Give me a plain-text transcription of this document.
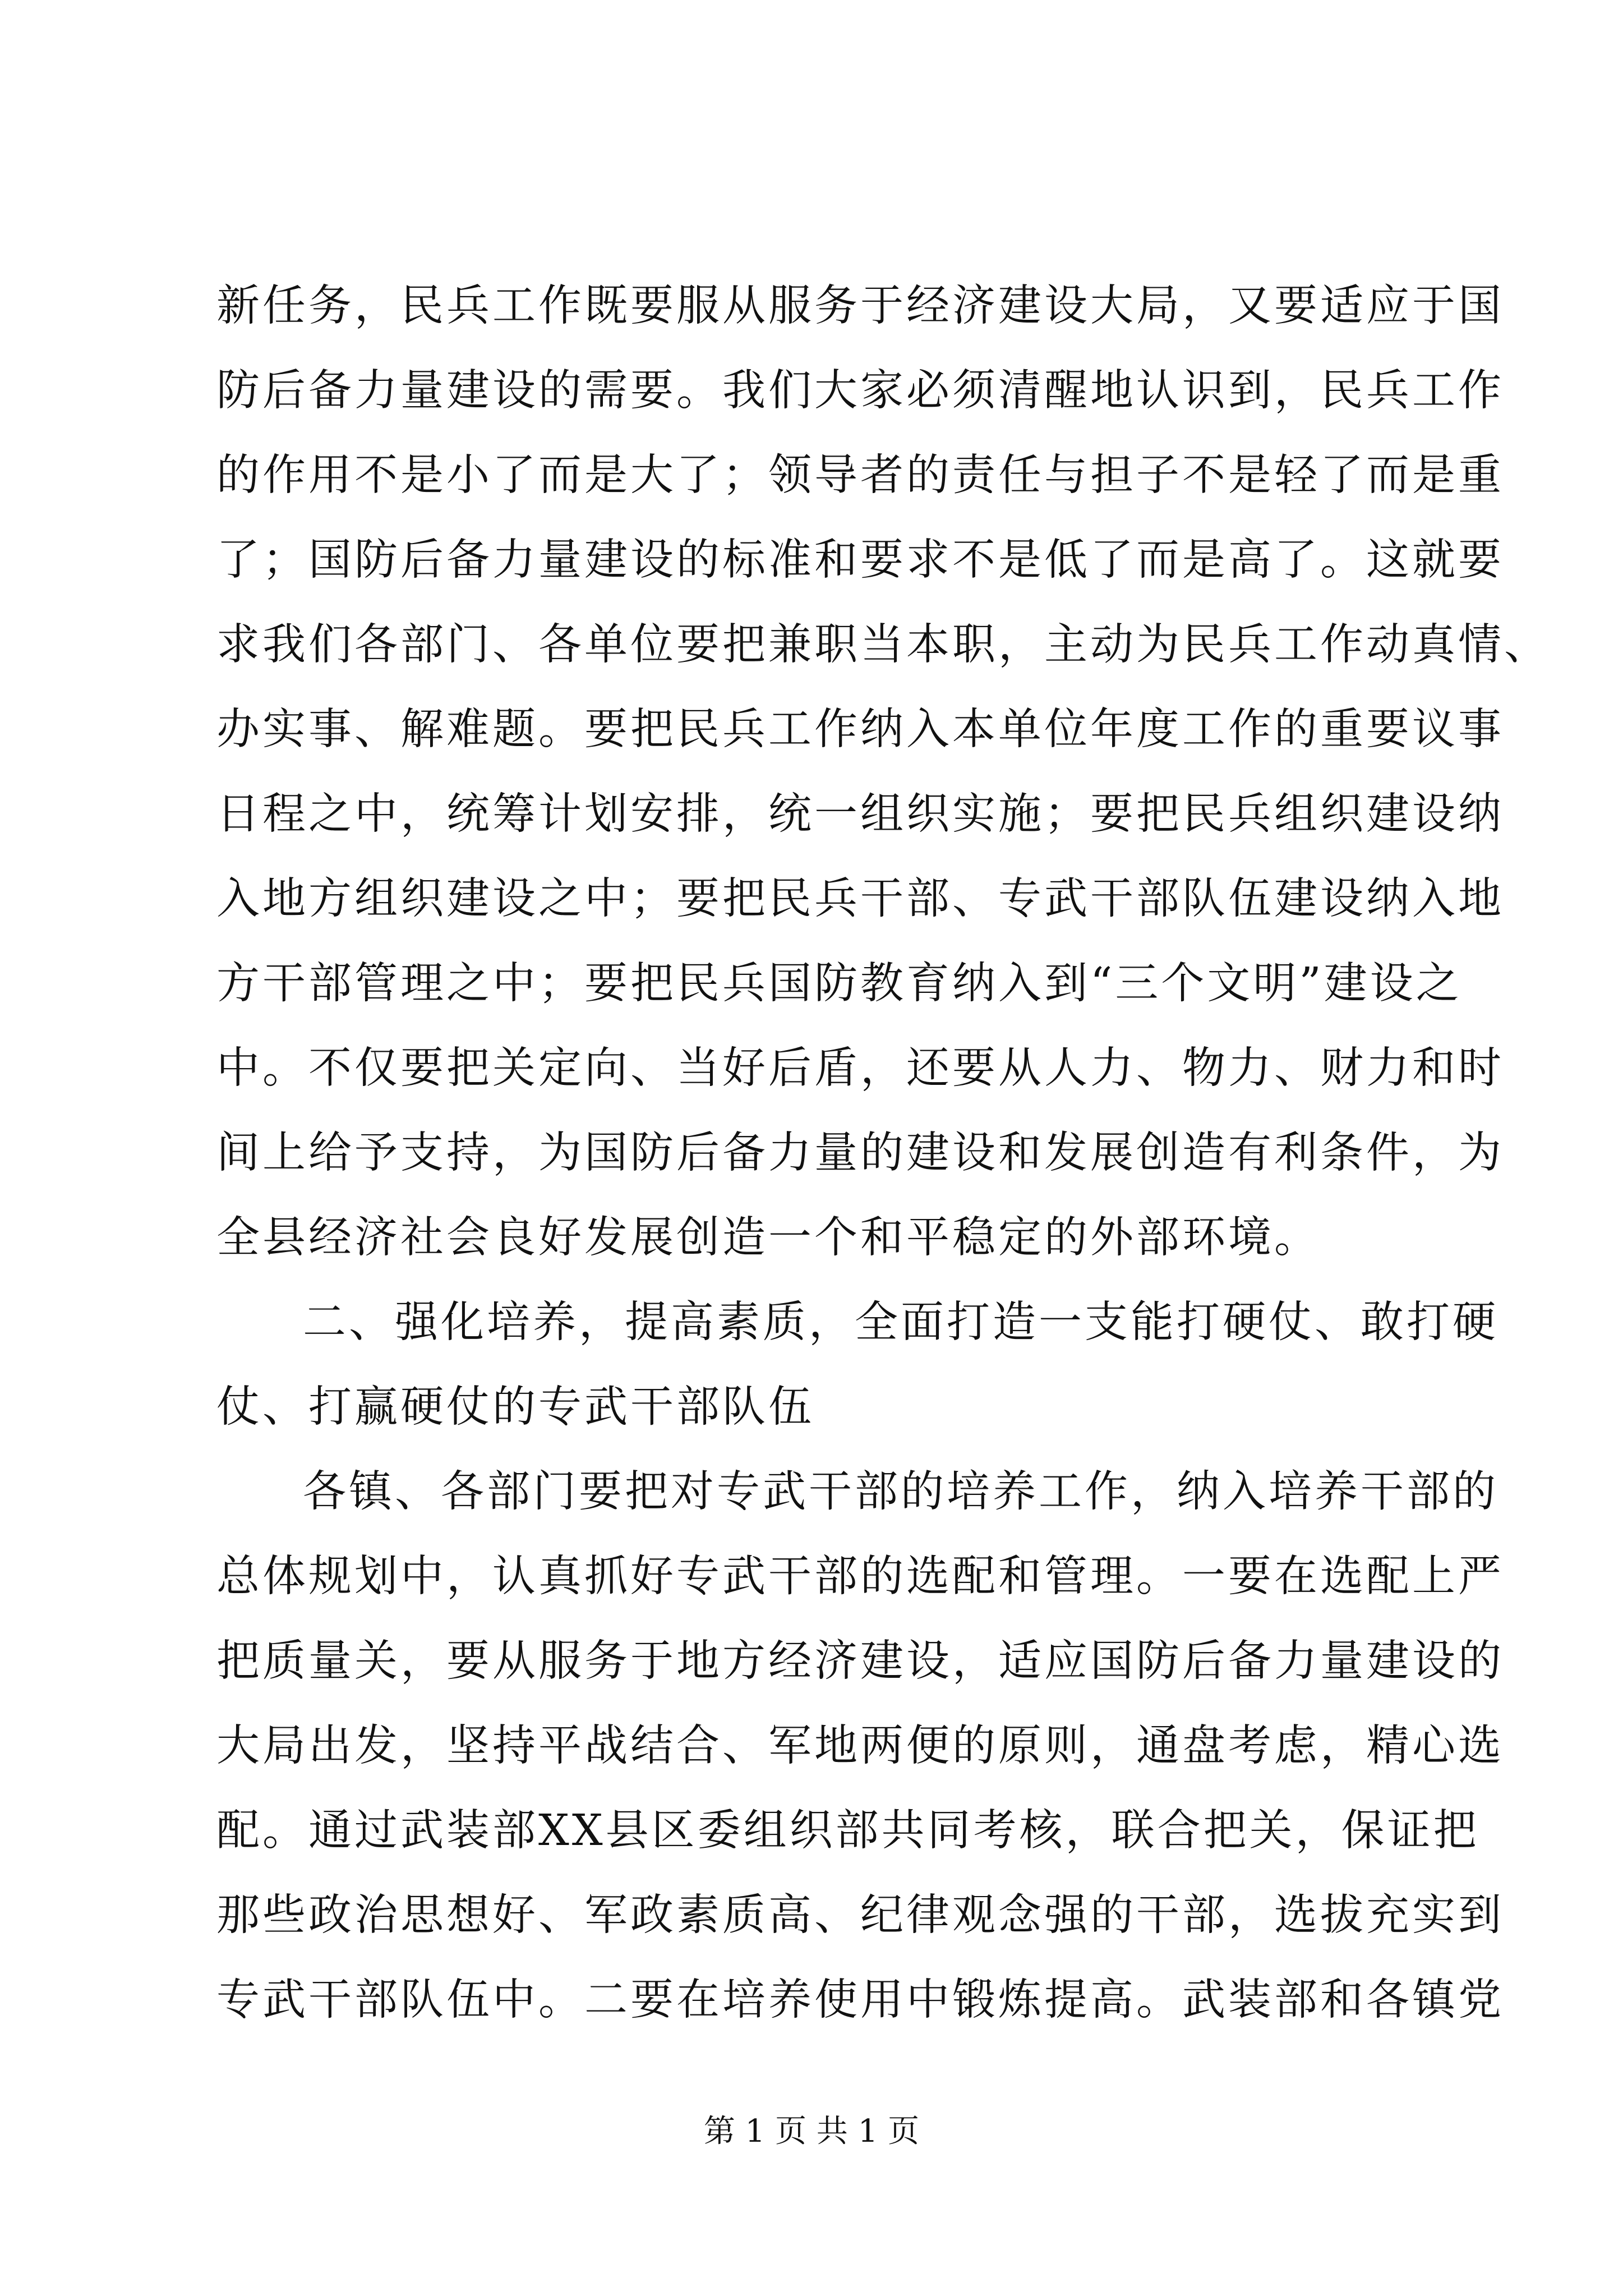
新任务，民兵工作既要服从服务于经济建设大局，又要适应于国
防后备力量建设的需要。我们大家必须清醒地认识到，民兵工作
的作用不是小了而是大了；领导者的责任与担子不是轻了而是重
了；国防后备力量建设的标准和要求不是低了而是高了。这就要
求我们各部门、各单位要把兼职当本职，主动为民兵工作动真情、
办实事、解难题。要把民兵工作纳入本单位年度工作的重要议事
日程之中，统筹计划安排，统一组织实施；要把民兵组织建设纳
入地方组织建设之中；要把民兵干部、专武干部队伍建设纳入地
方干部管理之中；要把民兵国防教育纳入到“三个文明”建设之
中。不仅要把关定向、当好后盾，还要从人力、物力、财力和时
间上给予支持，为国防后备力量的建设和发展创造有利条件，为
全县经济社会良好发展创造一个和平稳定的外部环境。
二、强化培养，提高素质，全面打造一支能打硬仗、敢打硬
仗、打赢硬仗的专武干部队伍
各镇、各部门要把对专武干部的培养工作，纳入培养干部的
总体规划中，认真抓好专武干部的选配和管理。一要在选配上严
把质量关，要从服务于地方经济建设，适应国防后备力量建设的
大局出发，坚持平战结合、军地两便的原则，通盘考虑，精心选
配。通过武装部XX县区委组织部共同考核，联合把关，保证把
那些政治思想好、军政素质高、纪律观念强的干部，选拔充实到
专武干部队伍中。二要在培养使用中锻炼提高。武装部和各镇党
第 1 页 共 1 页
